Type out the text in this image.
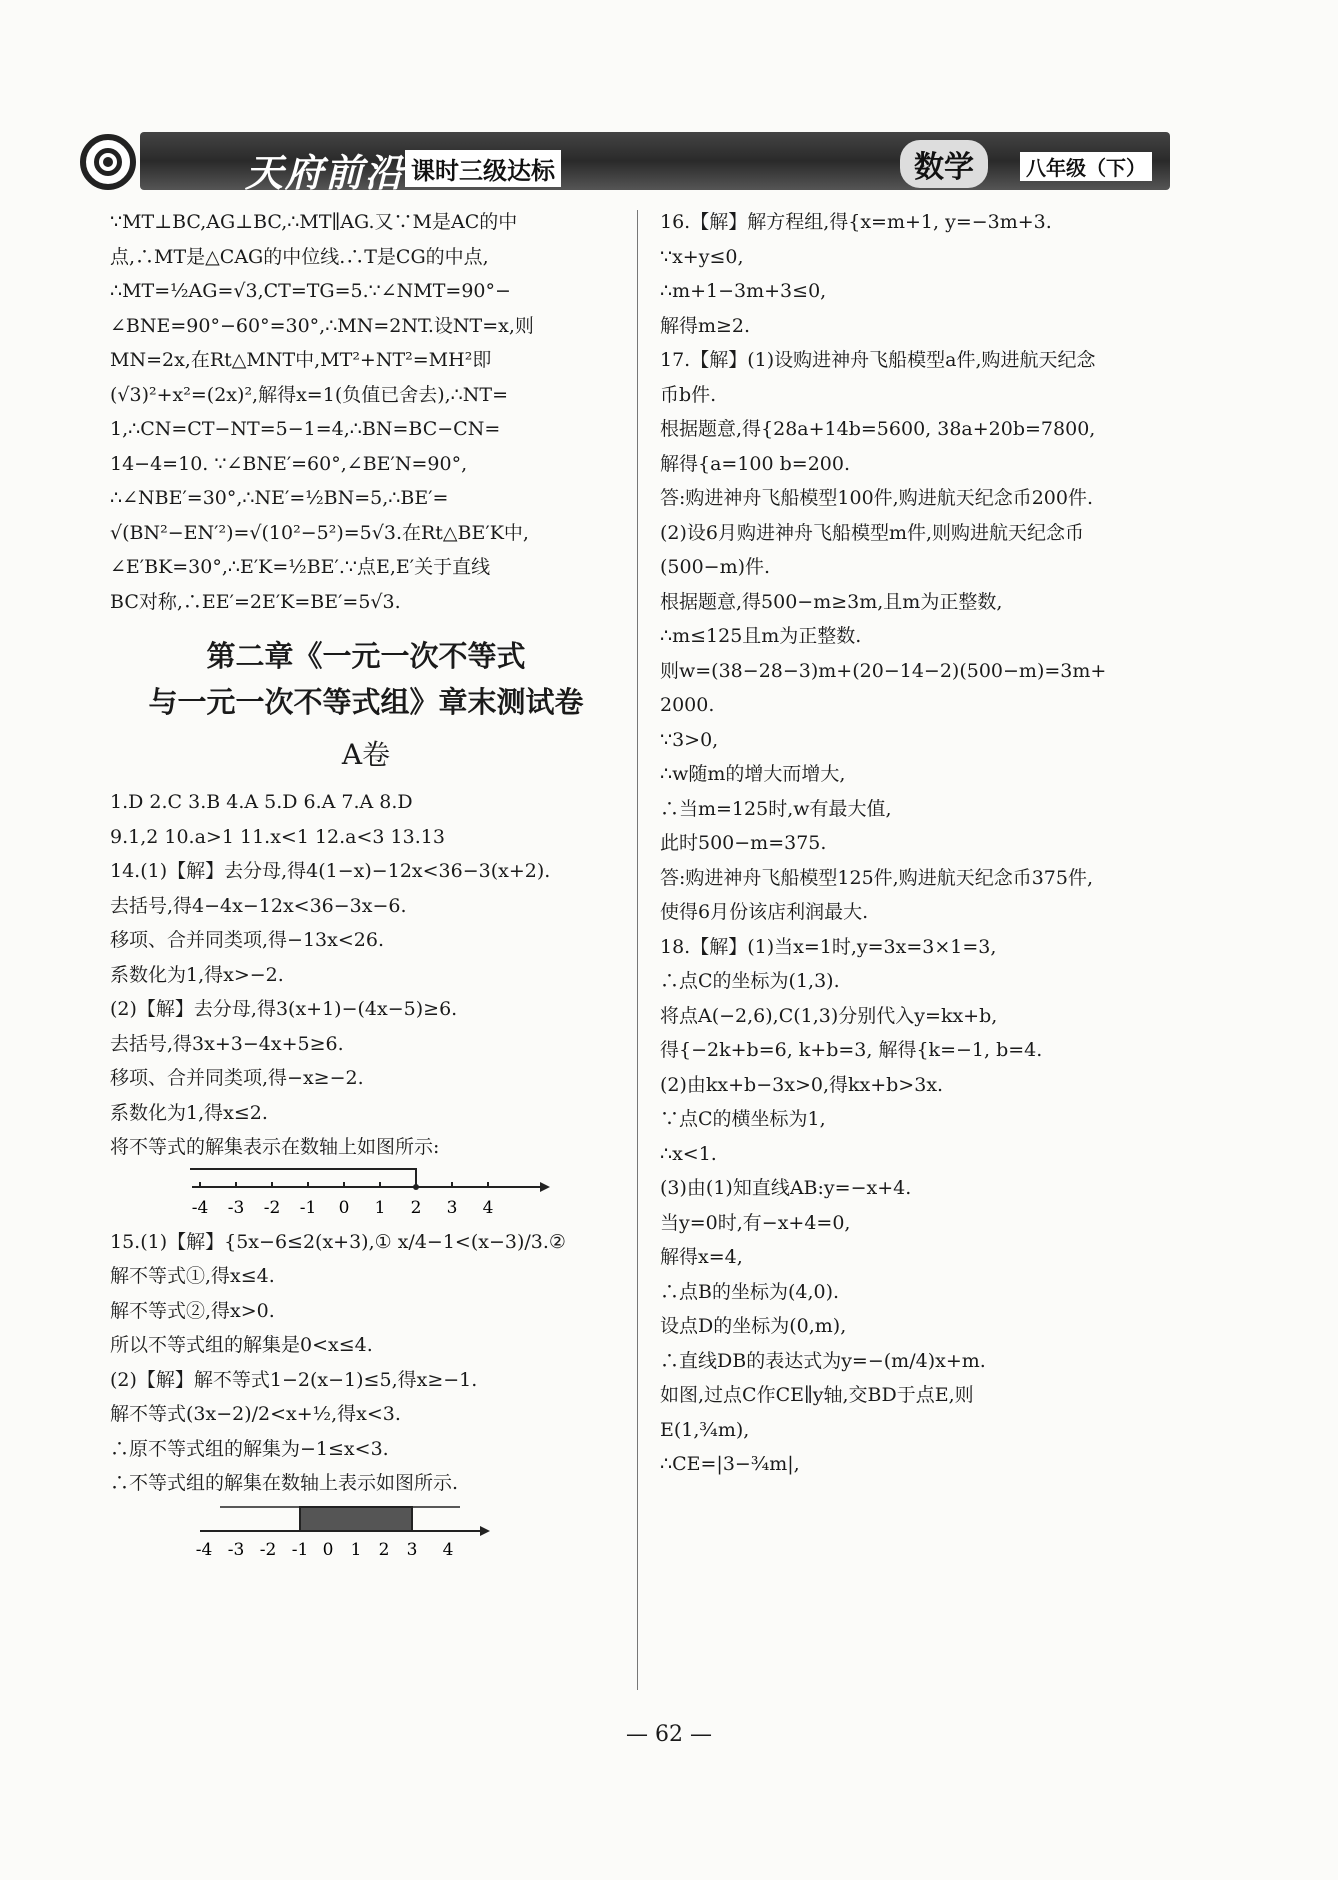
天府前沿 课时三级达标	数学	八年级（下）
∵MT⊥BC,AG⊥BC,∴MT∥AG.又∵M是AC的中
点,∴MT是△CAG的中位线.∴T是CG的中点,
∴MT=½AG=√3,CT=TG=5.∵∠NMT=90°−
∠BNE=90°−60°=30°,∴MN=2NT.设NT=x,则
MN=2x,在Rt△MNT中,MT²+NT²=MH²即
(√3)²+x²=(2x)²,解得x=1(负值已舍去),∴NT=
1,∴CN=CT−NT=5−1=4,∴BN=BC−CN=
14−4=10. ∵∠BNE′=60°,∠BE′N=90°,
∴∠NBE′=30°,∴NE′=½BN=5,∴BE′=
√(BN²−EN′²)=√(10²−5²)=5√3.在Rt△BE′K中,
∠E′BK=30°,∴E′K=½BE′.∵点E,E′关于直线
BC对称,∴EE′=2E′K=BE′=5√3.
第二章《一元一次不等式
与一元一次不等式组》章末测试卷
A卷
1.D 2.C 3.B 4.A 5.D 6.A 7.A 8.D
9.1,2 10.a>1 11.x<1 12.a<3 13.13
14.(1)【解】去分母,得4(1−x)−12x<36−3(x+2).
去括号,得4−4x−12x<36−3x−6.
移项、合并同类项,得−13x<26.
系数化为1,得x>−2.
(2)【解】去分母,得3(x+1)−(4x−5)≥6.
去括号,得3x+3−4x+5≥6.
移项、合并同类项,得−x≥−2.
系数化为1,得x≤2.
将不等式的解集表示在数轴上如图所示:
-4 -3 -2 -1 0 1 2 3 4
15.(1)【解】{5x−6≤2(x+3),① x/4−1<(x−3)/3.②
解不等式①,得x≤4.
解不等式②,得x>0.
所以不等式组的解集是0<x≤4.
(2)【解】解不等式1−2(x−1)≤5,得x≥−1.
解不等式(3x−2)/2<x+½,得x<3.
∴原不等式组的解集为−1≤x<3.
∴不等式组的解集在数轴上表示如图所示.
-4 -3 -2 -1 0 1 2 3 4
16.【解】解方程组,得{x=m+1, y=−3m+3.
∵x+y≤0,
∴m+1−3m+3≤0,
解得m≥2.
17.【解】(1)设购进神舟飞船模型a件,购进航天纪念
币b件.
根据题意,得{28a+14b=5600, 38a+20b=7800,
解得{a=100 b=200.
答:购进神舟飞船模型100件,购进航天纪念币200件.
(2)设6月购进神舟飞船模型m件,则购进航天纪念币
(500−m)件.
根据题意,得500−m≥3m,且m为正整数,
∴m≤125且m为正整数.
则w=(38−28−3)m+(20−14−2)(500−m)=3m+
2000.
∵3>0,
∴w随m的增大而增大,
∴当m=125时,w有最大值,
此时500−m=375.
答:购进神舟飞船模型125件,购进航天纪念币375件,
使得6月份该店利润最大.
18.【解】(1)当x=1时,y=3x=3×1=3,
∴点C的坐标为(1,3).
将点A(−2,6),C(1,3)分别代入y=kx+b,
得{−2k+b=6, k+b=3, 解得{k=−1, b=4.
(2)由kx+b−3x>0,得kx+b>3x.
∵点C的横坐标为1,
∴x<1.
(3)由(1)知直线AB:y=−x+4.
当y=0时,有−x+4=0,
解得x=4,
∴点B的坐标为(4,0).
设点D的坐标为(0,m),
∴直线DB的表达式为y=−(m/4)x+m.
如图,过点C作CE∥y轴,交BD于点E,则
E(1,¾m),
∴CE=|3−¾m|,
— 62 —
